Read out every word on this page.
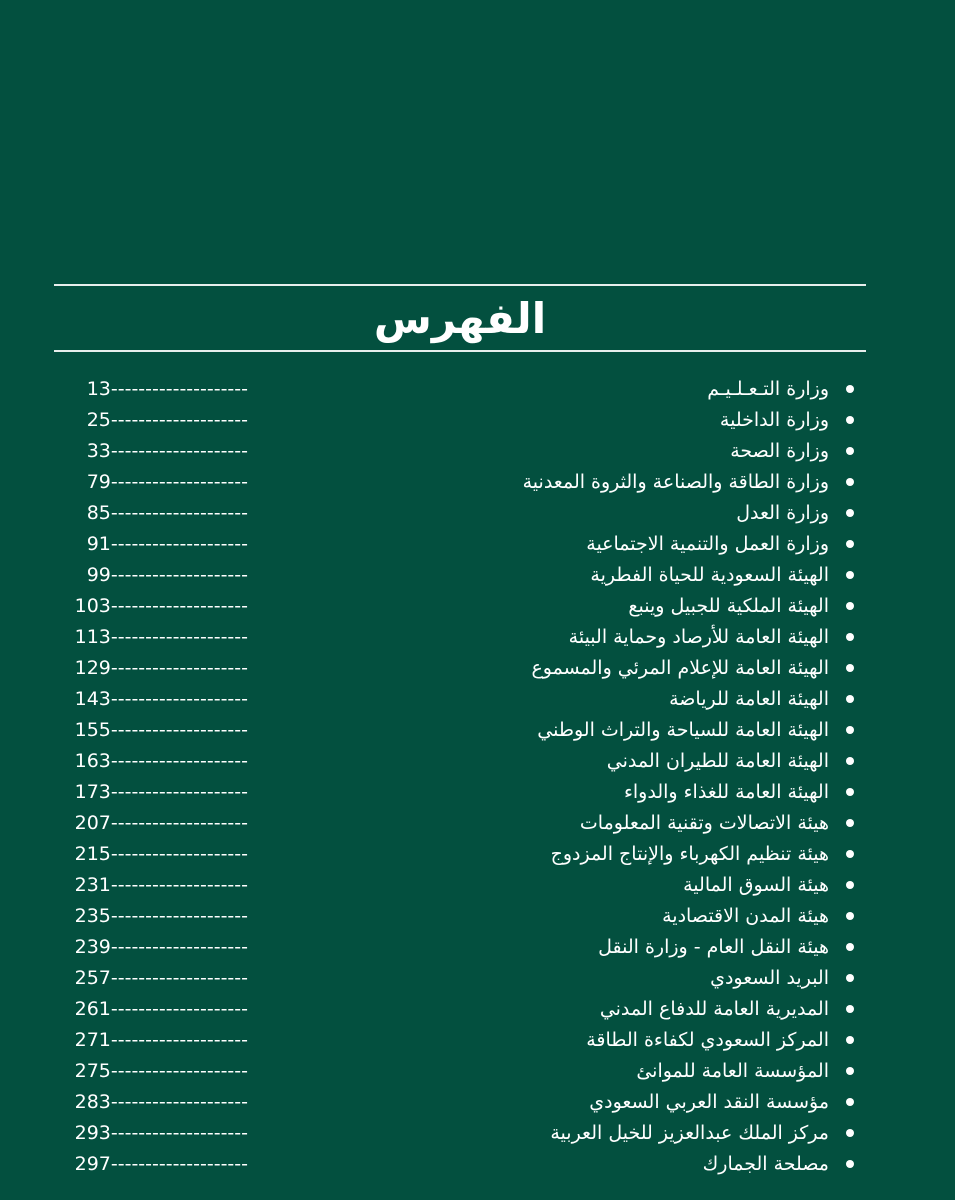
الفهرس
وزارة التـعـلـيـم
13--------------------
وزارة الداخلية
25--------------------
وزارة الصحة
33--------------------
وزارة الطاقة والصناعة والثروة المعدنية
79--------------------
وزارة العدل
85--------------------
وزارة العمل والتنمية الاجتماعية
91--------------------
الهيئة السعودية للحياة الفطرية
99--------------------
الهيئة الملكية للجبيل وينبع
103--------------------
الهيئة العامة للأرصاد وحماية البيئة
113--------------------
الهيئة العامة للإعلام المرئي والمسموع
129--------------------
الهيئة العامة للرياضة
143--------------------
الهيئة العامة للسياحة والتراث الوطني
155--------------------
الهيئة العامة للطيران المدني
163--------------------
الهيئة العامة للغذاء والدواء
173--------------------
هيئة الاتصالات وتقنية المعلومات
207--------------------
هيئة تنظيم الكهرباء والإنتاج المزدوج
215--------------------
هيئة السوق المالية
231--------------------
هيئة المدن الاقتصادية
235--------------------
هيئة النقل العام - وزارة النقل
239--------------------
البريد السعودي
257--------------------
المديرية العامة للدفاع المدني
261--------------------
المركز السعودي لكفاءة الطاقة
271--------------------
المؤسسة العامة للموانئ
275--------------------
مؤسسة النقد العربي السعودي
283--------------------
مركز الملك عبدالعزيز للخيل العربية
293--------------------
مصلحة الجمارك
297--------------------
